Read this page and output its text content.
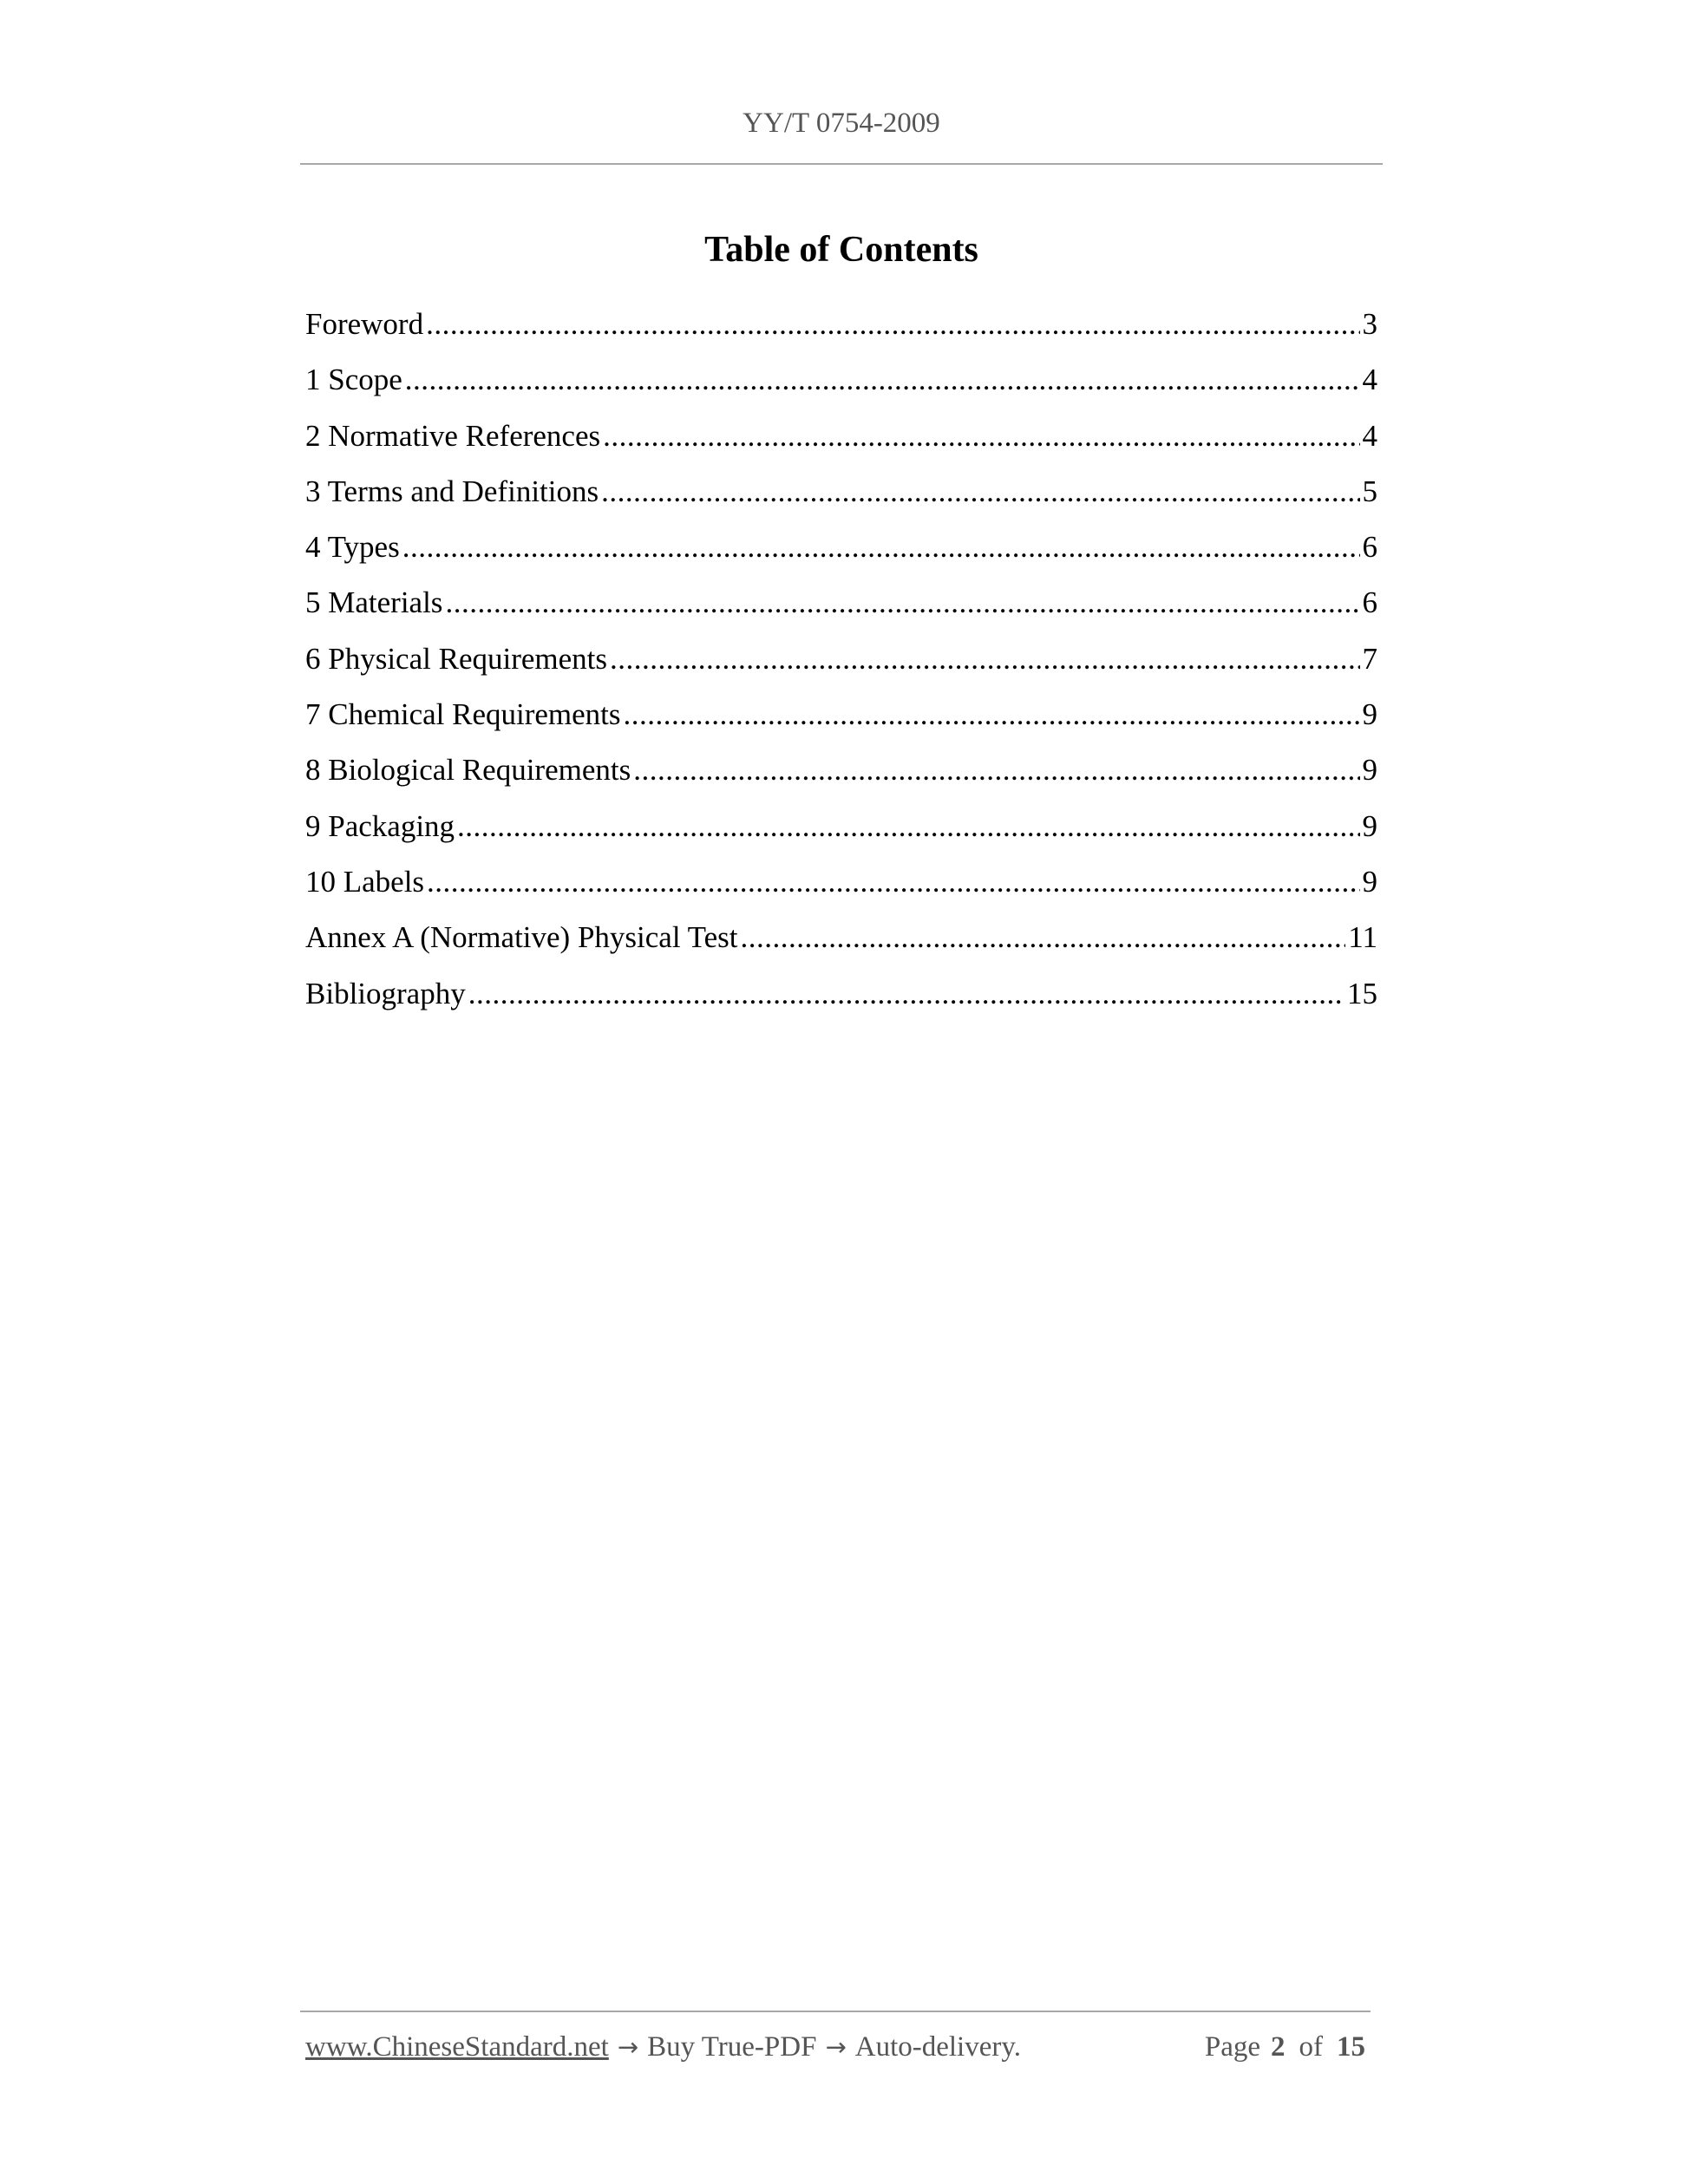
YY/T 0754-2009
Table of Contents
Foreword .....	3
1 Scope .....	4
2 Normative References .....	4
3 Terms and Definitions .....	5
4 Types .....	6
5 Materials .....	6
6 Physical Requirements .....	7
7 Chemical Requirements .....	9
8 Biological Requirements .....	9
9 Packaging .....	9
10 Labels .....	9
Annex A (Normative) Physical Test .....	11
Bibliography .....	15
www.ChineseStandard.net → Buy True-PDF → Auto-delivery.	Page 2 of 15
